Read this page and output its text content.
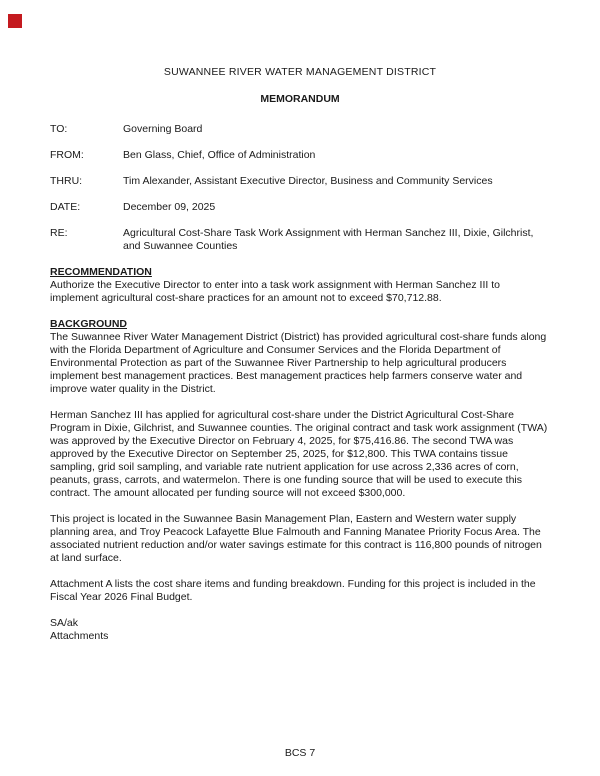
SUWANNEE RIVER WATER MANAGEMENT DISTRICT
MEMORANDUM
TO:	Governing Board
FROM:	Ben Glass, Chief, Office of Administration
THRU:	Tim Alexander, Assistant Executive Director, Business and Community Services
DATE:	December 09, 2025
RE:	Agricultural Cost-Share Task Work Assignment with Herman Sanchez III, Dixie, Gilchrist, and Suwannee Counties
RECOMMENDATION

Authorize the Executive Director to enter into a task work assignment with Herman Sanchez III to implement agricultural cost-share practices for an amount not to exceed $70,712.88.

BACKGROUND

The Suwannee River Water Management District (District) has provided agricultural cost-share funds along with the Florida Department of Agriculture and Consumer Services and the Florida Department of Environmental Protection as part of the Suwannee River Partnership to help agricultural producers implement best management practices. Best management practices help farmers conserve water and improve water quality in the District.

Herman Sanchez III has applied for agricultural cost-share under the District Agricultural Cost-Share Program in Dixie, Gilchrist, and Suwannee counties. The original contract and task work assignment (TWA) was approved by the Executive Director on February 4, 2025, for $75,416.86. The second TWA was approved by the Executive Director on September 25, 2025, for $12,800. This TWA contains tissue sampling, grid soil sampling, and variable rate nutrient application for use across 2,336 acres of corn, peanuts, grass, carrots, and watermelon. There is one funding source that will be used to execute this contract. The amount allocated per funding source will not exceed $300,000.

This project is located in the Suwannee Basin Management Plan, Eastern and Western water supply planning area, and Troy Peacock Lafayette Blue Falmouth and Fanning Manatee Priority Focus Area. The associated nutrient reduction and/or water savings estimate for this contract is 116,800 pounds of nitrogen at land surface.

Attachment A lists the cost share items and funding breakdown. Funding for this project is included in the Fiscal Year 2026 Final Budget.

SA/ak

Attachments

BCS 7
